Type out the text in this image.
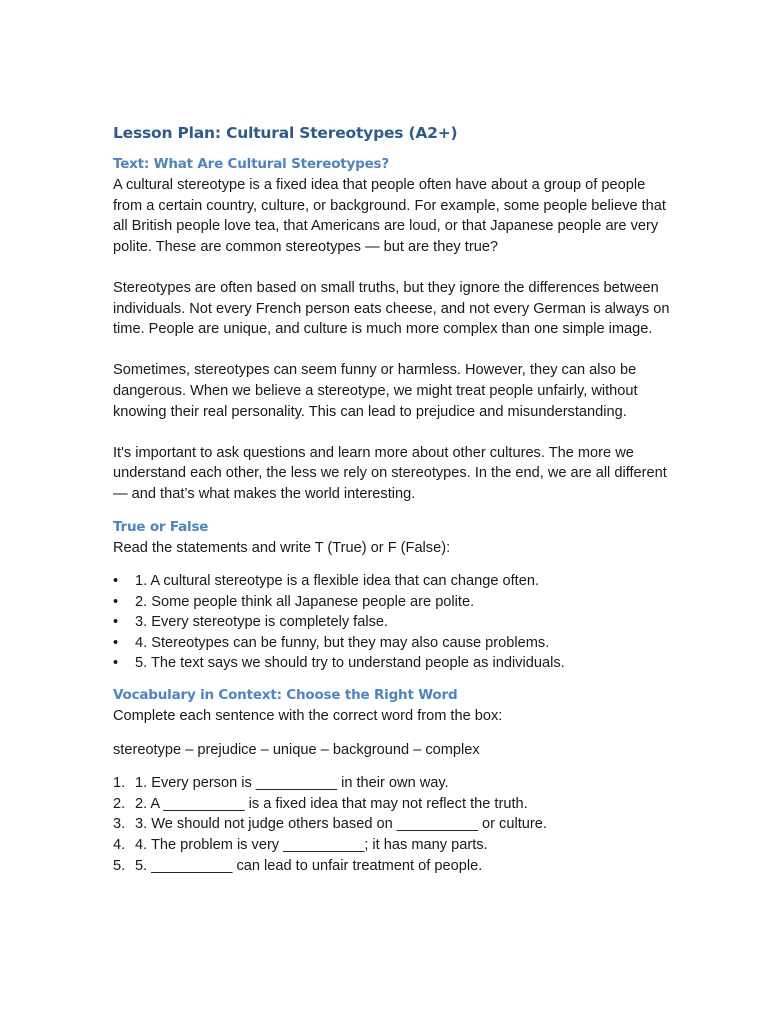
Lesson Plan: Cultural Stereotypes (A2+)
Text: What Are Cultural Stereotypes?

A cultural stereotype is a fixed idea that people often have about a group of people from a certain country, culture, or background. For example, some people believe that all British people love tea, that Americans are loud, or that Japanese people are very polite. These are common stereotypes — but are they true?

Stereotypes are often based on small truths, but they ignore the differences between individuals. Not every French person eats cheese, and not every German is always on time. People are unique, and culture is much more complex than one simple image.

Sometimes, stereotypes can seem funny or harmless. However, they can also be dangerous. When we believe a stereotype, we might treat people unfairly, without knowing their real personality. This can lead to prejudice and misunderstanding.

It's important to ask questions and learn more about other cultures. The more we understand each other, the less we rely on stereotypes. In the end, we are all different — and that’s what makes the world interesting.

True or False

Read the statements and write T (True) or F (False):

• 1. A cultural stereotype is a flexible idea that can change often.
• 2. Some people think all Japanese people are polite.
• 3. Every stereotype is completely false.
• 4. Stereotypes can be funny, but they may also cause problems.
• 5. The text says we should try to understand people as individuals.
Vocabulary in Context: Choose the Right Word

Complete each sentence with the correct word from the box:

stereotype – prejudice – unique – background – complex

1. 1. Every person is __________ in their own way.
2. 2. A __________ is a fixed idea that may not reflect the truth.
3. 3. We should not judge others based on __________ or culture.
4. 4. The problem is very __________; it has many parts.
5. 5. __________ can lead to unfair treatment of people.
